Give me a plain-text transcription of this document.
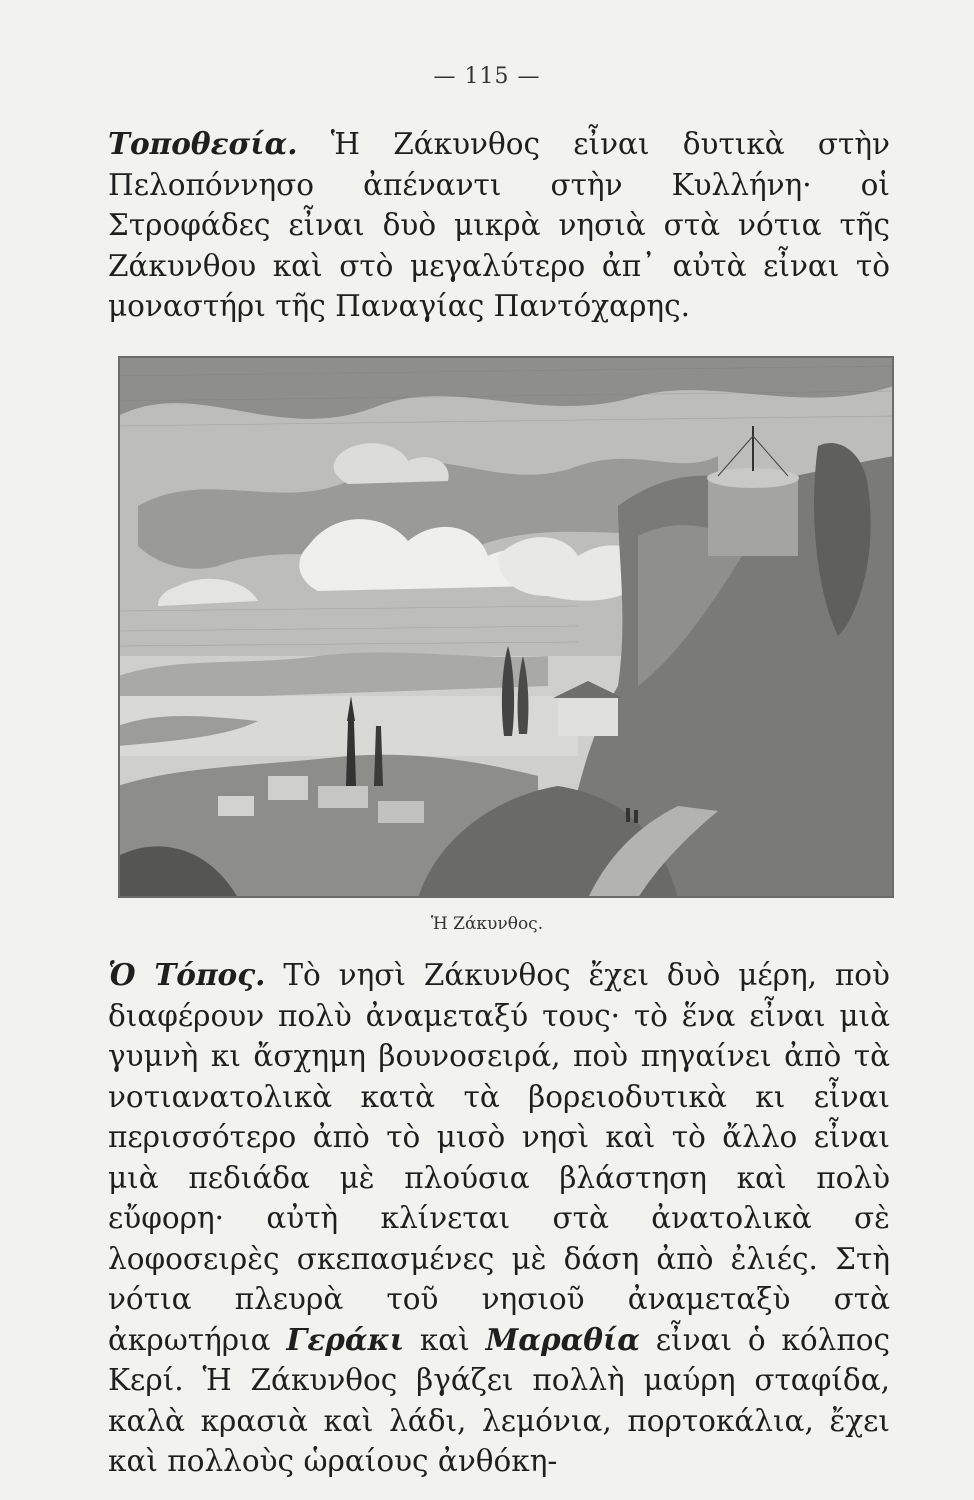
— 115 —

Τοποθεσία. Ἡ Ζάκυνθος εἶναι δυτικὰ στὴν Πελοπόννησο ἀπέναντι στὴν Κυλλήνη· οἱ Στροφάδες εἶναι δυὸ μικρὰ νησιὰ στὰ νότια τῆς Ζάκυνθου καὶ στὸ μεγαλύτερο ἀπ᾽ αὐτὰ εἶναι τὸ μοναστήρι τῆς Παναγίας Παντόχαρης.

Ἡ Ζάκυνθος.

Ὁ Τόπος. Τὸ νησὶ Ζάκυνθος ἔχει δυὸ μέρη, ποὺ διαφέρουν πολὺ ἀναμεταξύ τους· τὸ ἕνα εἶναι μιὰ γυμνὴ κι ἄσχημη βουνοσειρά, ποὺ πηγαίνει ἀπὸ τὰ νοτιανατολικὰ κατὰ τὰ βορειοδυτικὰ κι εἶναι περισσότερο ἀπὸ τὸ μισὸ νησὶ καὶ τὸ ἄλλο εἶναι μιὰ πεδιάδα μὲ πλούσια βλάστηση καὶ πολὺ εὔφορη· αὐτὴ κλίνεται στὰ ἀνατολικὰ σὲ λοφοσειρὲς σκεπασμένες μὲ δάση ἀπὸ ἐλιές. Στὴ νότια πλευρὰ τοῦ νησιοῦ ἀναμεταξὺ στὰ ἀκρωτήρια Γεράκι καὶ Μαραθία εἶναι ὁ κόλπος Κερί. Ἡ Ζάκυνθος βγάζει πολλὴ μαύρη σταφίδα, καλὰ κρασιὰ καὶ λάδι, λεμόνια, πορτοκάλια, ἔχει καὶ πολλοὺς ὡραίους ἀνθόκη-
